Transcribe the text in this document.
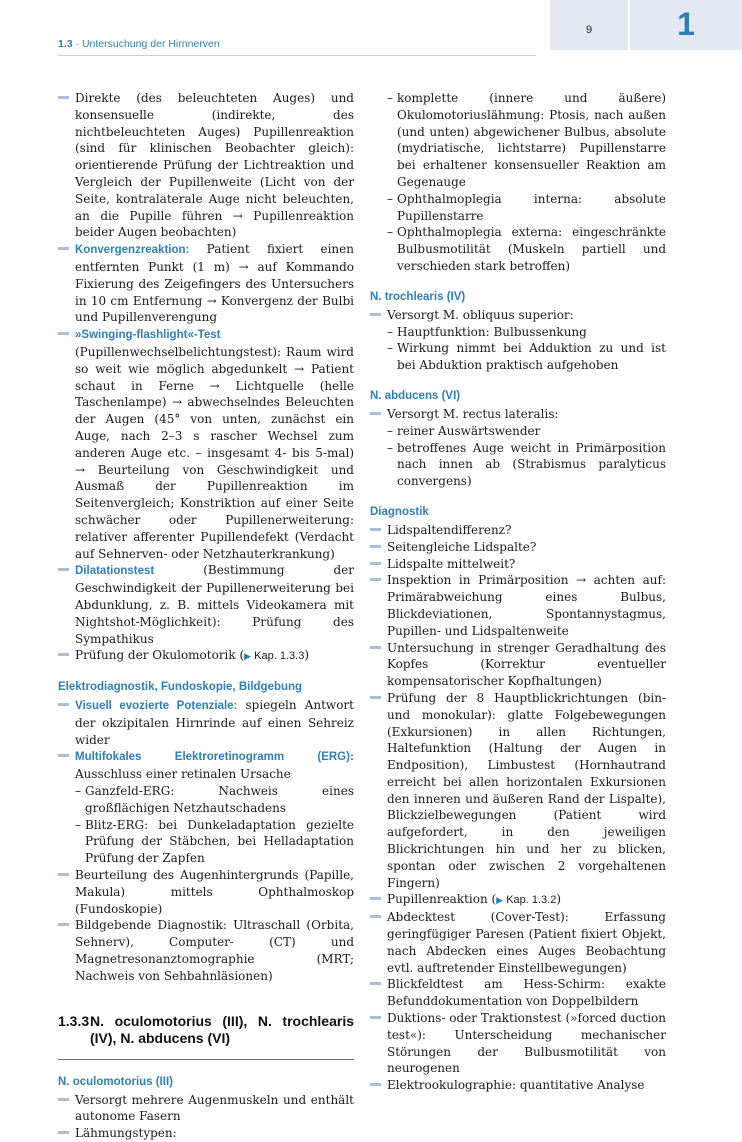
1.3 · Untersuchung der Hirnnerven
9	1
Direkte (des beleuchteten Auges) und konsensuelle (indirekte, des nichtbeleuchteten Auges) Pupillenreaktion (sind für klinischen Beobachter gleich): orientierende Prüfung der Lichtreaktion und Vergleich der Pupillenweite (Licht von der Seite, kontralaterale Auge nicht beleuchten, an die Pupille führen → Pupillenreaktion beider Augen beobachten)
Konvergenzreaktion: Patient fixiert einen entfernten Punkt (1 m) → auf Kommando Fixierung des Zeigefingers des Untersuchers in 10 cm Entfernung → Konvergenz der Bulbi und Pupillenverengung
»Swinging-flashlight«-Test (Pupillenwechselbelichtungstest): Raum wird so weit wie möglich abgedunkelt → Patient schaut in Ferne → Lichtquelle (helle Taschenlampe) → abwechselndes Beleuchten der Augen (45° von unten, zunächst ein Auge, nach 2–3 s rascher Wechsel zum anderen Auge etc. – insgesamt 4- bis 5-mal) → Beurteilung von Geschwindigkeit und Ausmaß der Pupillenreaktion im Seitenvergleich; Konstriktion auf einer Seite schwächer oder Pupillenerweiterung: relativer afferenter Pupillendefekt (Verdacht auf Sehnerven- oder Netzhauterkrankung)
Dilatationstest (Bestimmung der Geschwindigkeit der Pupillenerweiterung bei Abdunklung, z. B. mittels Videokamera mit Nightshot-Möglichkeit): Prüfung des Sympathikus
Prüfung der Okulomotorik (▶ Kap. 1.3.3)
Elektrodiagnostik, Fundoskopie, Bildgebung
Visuell evozierte Potenziale: spiegeln Antwort der okzipitalen Hirnrinde auf einen Sehreiz wider
Multifokales Elektroretinogramm (ERG): Ausschluss einer retinalen Ursache
– Ganzfeld-ERG: Nachweis eines großflächigen Netzhautschadens
– Blitz-ERG: bei Dunkeladaptation gezielte Prüfung der Stäbchen, bei Helladaptation Prüfung der Zapfen
Beurteilung des Augenhintergrunds (Papille, Makula) mittels Ophthalmoskop (Fundoskopie)
Bildgebende Diagnostik: Ultraschall (Orbita, Sehnerv), Computer- (CT) und Magnetresonanztomographie (MRT; Nachweis von Sehbahnläsionen)
1.3.3 N. oculomotorius (III), N. trochlearis (IV), N. abducens (VI)
N. oculomotorius (III)
Versorgt mehrere Augenmuskeln und enthält autonome Fasern
Lähmungstypen:
– komplette (innere und äußere) Okulomotoriuslähmung: Ptosis, nach außen (und unten) abgewichener Bulbus, absolute (mydriatische, lichtstarre) Pupillenstarre bei erhaltener konsensueller Reaktion am Gegenauge
– Ophthalmoplegia interna: absolute Pupillenstarre
– Ophthalmoplegia externa: eingeschränkte Bulbusmotilität (Muskeln partiell und verschieden stark betroffen)
N. trochlearis (IV)
Versorgt M. obliquus superior:
– Hauptfunktion: Bulbussenkung
– Wirkung nimmt bei Adduktion zu und ist bei Abduktion praktisch aufgehoben
N. abducens (VI)
Versorgt M. rectus lateralis:
– reiner Auswärtswender
– betroffenes Auge weicht in Primärposition nach innen ab (Strabismus paralyticus convergens)
Diagnostik
Lidspaltendifferenz?
Seitengleiche Lidspalte?
Lidspalte mittelweit?
Inspektion in Primärposition → achten auf: Primärabweichung eines Bulbus, Blickdeviationen, Spontannystagmus, Pupillen- und Lidspaltenweite
Untersuchung in strenger Geradhaltung des Kopfes (Korrektur eventueller kompensatorischer Kopfhaltungen)
Prüfung der 8 Hauptblickrichtungen (bin- und monokular): glatte Folgebewegungen (Exkursionen) in allen Richtungen, Haltefunktion (Haltung der Augen in Endposition), Limbustest (Hornhautrand erreicht bei allen horizontalen Exkursionen den inneren und äußeren Rand der Lispalte), Blickzielbewegungen (Patient wird aufgefordert, in den jeweiligen Blickrichtungen hin und her zu blicken, spontan oder zwischen 2 vorgehaltenen Fingern)
Pupillenreaktion (▶ Kap. 1.3.2)
Abdecktest (Cover-Test): Erfassung geringfügiger Paresen (Patient fixiert Objekt, nach Abdecken eines Auges Beobachtung evtl. auftretender Einstellbewegungen)
Blickfeldtest am Hess-Schirm: exakte Befunddokumentation von Doppelbildern
Duktions- oder Traktionstest (»forced duction test«): Unterscheidung mechanischer Störungen der Bulbusmotilität von neurogenen
Elektrookulographie: quantitative Analyse
